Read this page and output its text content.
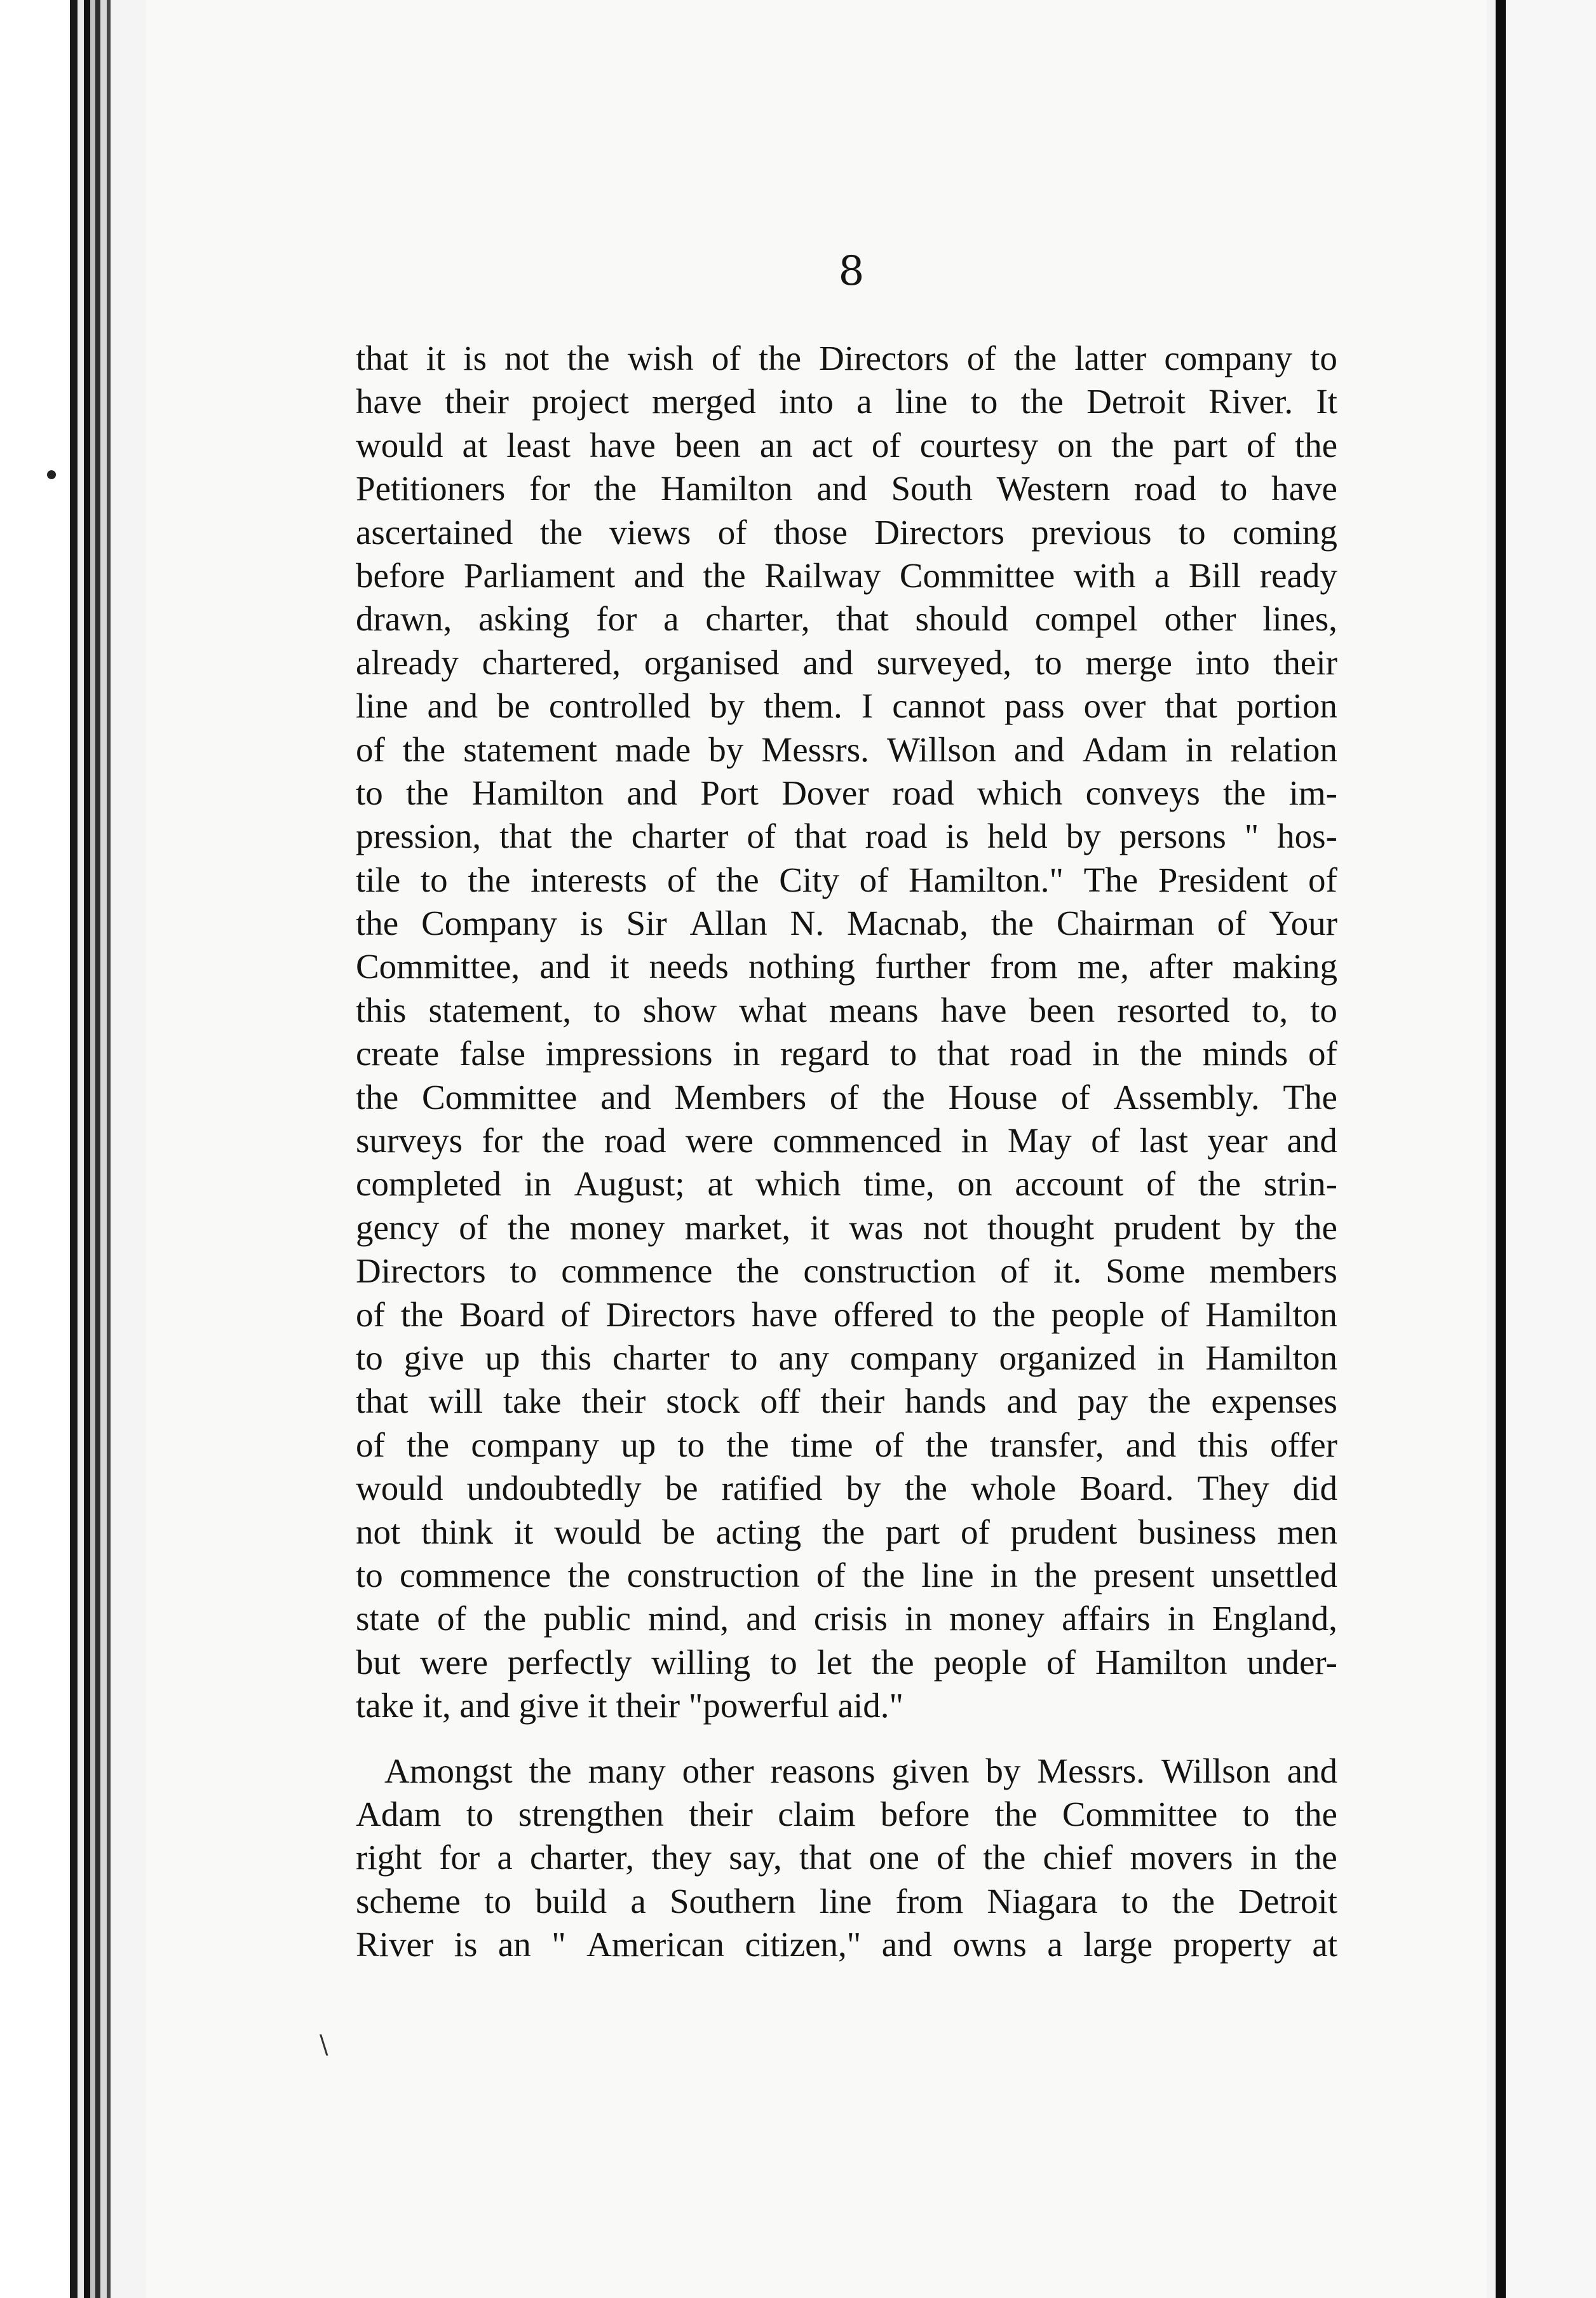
8
that it is not the wish of the Directors of the latter company to
have their project merged into a line to the Detroit River. It
would at least have been an act of courtesy on the part of the
Petitioners for the Hamilton and South Western road to have
ascertained the views of those Directors previous to coming
before Parliament and the Railway Committee with a Bill ready
drawn, asking for a charter, that should compel other lines,
already chartered, organised and surveyed, to merge into their
line and be controlled by them. I cannot pass over that portion
of the statement made by Messrs. Willson and Adam in relation
to the Hamilton and Port Dover road which conveys the im-
pression, that the charter of that road is held by persons " hos-
tile to the interests of the City of Hamilton." The President of
the Company is Sir Allan N. Macnab, the Chairman of Your
Committee, and it needs nothing further from me, after making
this statement, to show what means have been resorted to, to
create false impressions in regard to that road in the minds of
the Committee and Members of the House of Assembly. The
surveys for the road were commenced in May of last year and
completed in August; at which time, on account of the strin-
gency of the money market, it was not thought prudent by the
Directors to commence the construction of it. Some members
of the Board of Directors have offered to the people of Hamilton
to give up this charter to any company organized in Hamilton
that will take their stock off their hands and pay the expenses
of the company up to the time of the transfer, and this offer
would undoubtedly be ratified by the whole Board. They did
not think it would be acting the part of prudent business men
to commence the construction of the line in the present unsettled
state of the public mind, and crisis in money affairs in England,
but were perfectly willing to let the people of Hamilton under-
take it, and give it their "powerful aid."
Amongst the many other reasons given by Messrs. Willson and
Adam to strengthen their claim before the Committee to the
right for a charter, they say, that one of the chief movers in the
scheme to build a Southern line from Niagara to the Detroit
River is an " American citizen," and owns a large property at
\
